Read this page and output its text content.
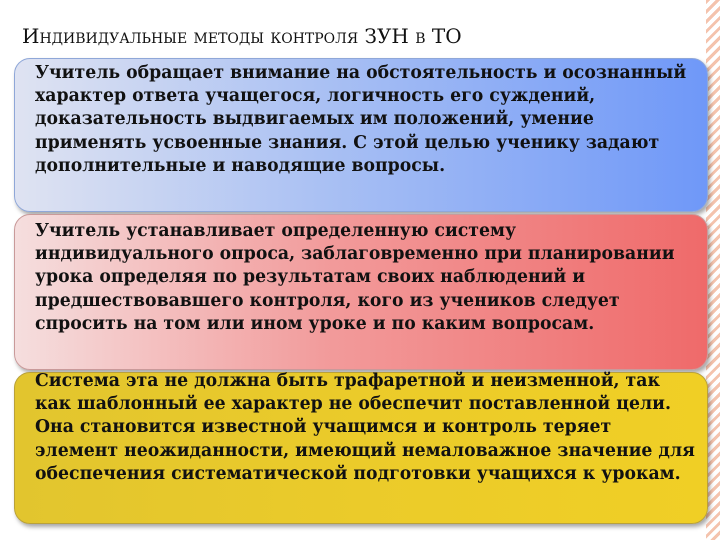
Индивидуальные методы контроля ЗУН в ТО
Учитель обращает внимание на обстоятельность и осознанный характер ответа учащегося, логичность его суждений, доказательность выдвигаемых им положений, умение применять усвоенные знания. С этой целью ученику задают дополнительные и наводящие вопросы.
Учитель устанавливает определенную систему индивидуального опроса, заблаговременно при планировании урока определяя по результатам своих наблюдений и предшествовавшего контроля, кого из учеников следует спросить на том или ином уроке и по каким вопросам.
Система эта не должна быть трафаретной и неизменной, так как шаблонный ее характер не обеспечит поставленной цели. Она становится известной учащимся и контроль теряет элемент неожиданности, имеющий немаловажное значение для обеспечения систематической подготовки учащихся к урокам.
